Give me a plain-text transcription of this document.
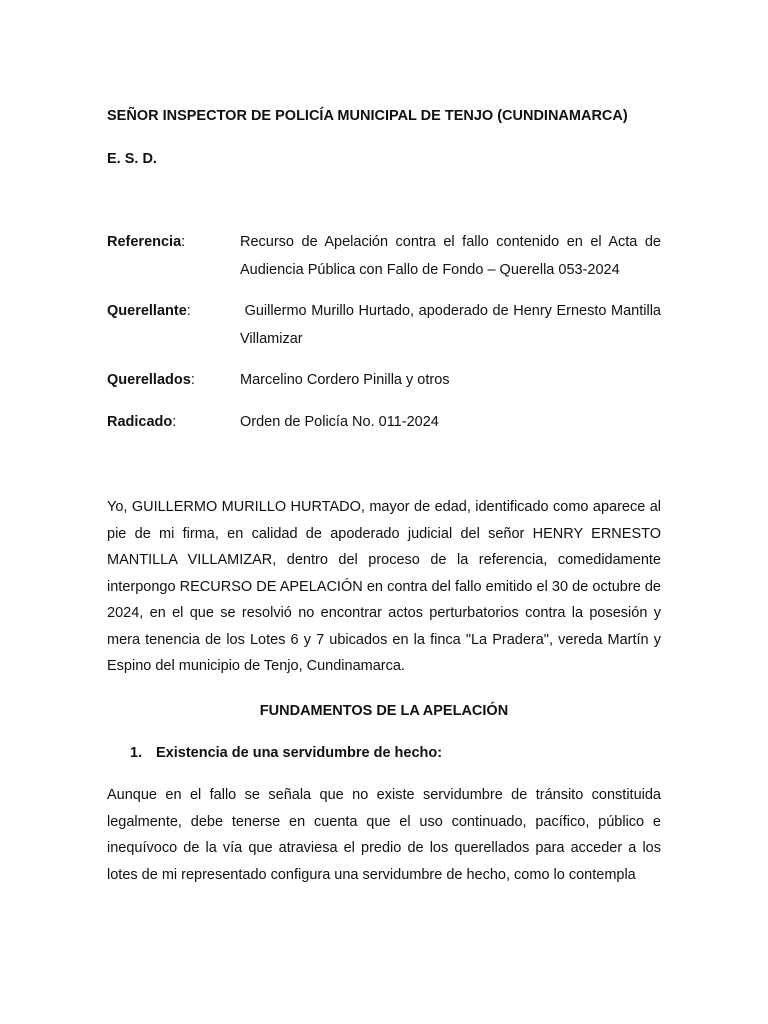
SEÑOR INSPECTOR DE POLICÍA MUNICIPAL DE TENJO (CUNDINAMARCA)
E. S. D.
Referencia:	Recurso de Apelación contra el fallo contenido en el Acta de Audiencia Pública con Fallo de Fondo – Querella 053-2024
Querellante:	Guillermo Murillo Hurtado, apoderado de Henry Ernesto Mantilla Villamizar
Querellados:	Marcelino Cordero Pinilla y otros
Radicado:	Orden de Policía No. 011-2024
Yo, GUILLERMO MURILLO HURTADO, mayor de edad, identificado como aparece al pie de mi firma, en calidad de apoderado judicial del señor HENRY ERNESTO MANTILLA VILLAMIZAR, dentro del proceso de la referencia, comedidamente interpongo RECURSO DE APELACIÓN en contra del fallo emitido el 30 de octubre de 2024, en el que se resolvió no encontrar actos perturbatorios contra la posesión y mera tenencia de los Lotes 6 y 7 ubicados en la finca "La Pradera", vereda Martín y Espino del municipio de Tenjo, Cundinamarca.
FUNDAMENTOS DE LA APELACIÓN
1. Existencia de una servidumbre de hecho:
Aunque en el fallo se señala que no existe servidumbre de tránsito constituida legalmente, debe tenerse en cuenta que el uso continuado, pacífico, público e inequívoco de la vía que atraviesa el predio de los querellados para acceder a los lotes de mi representado configura una servidumbre de hecho, como lo contempla
